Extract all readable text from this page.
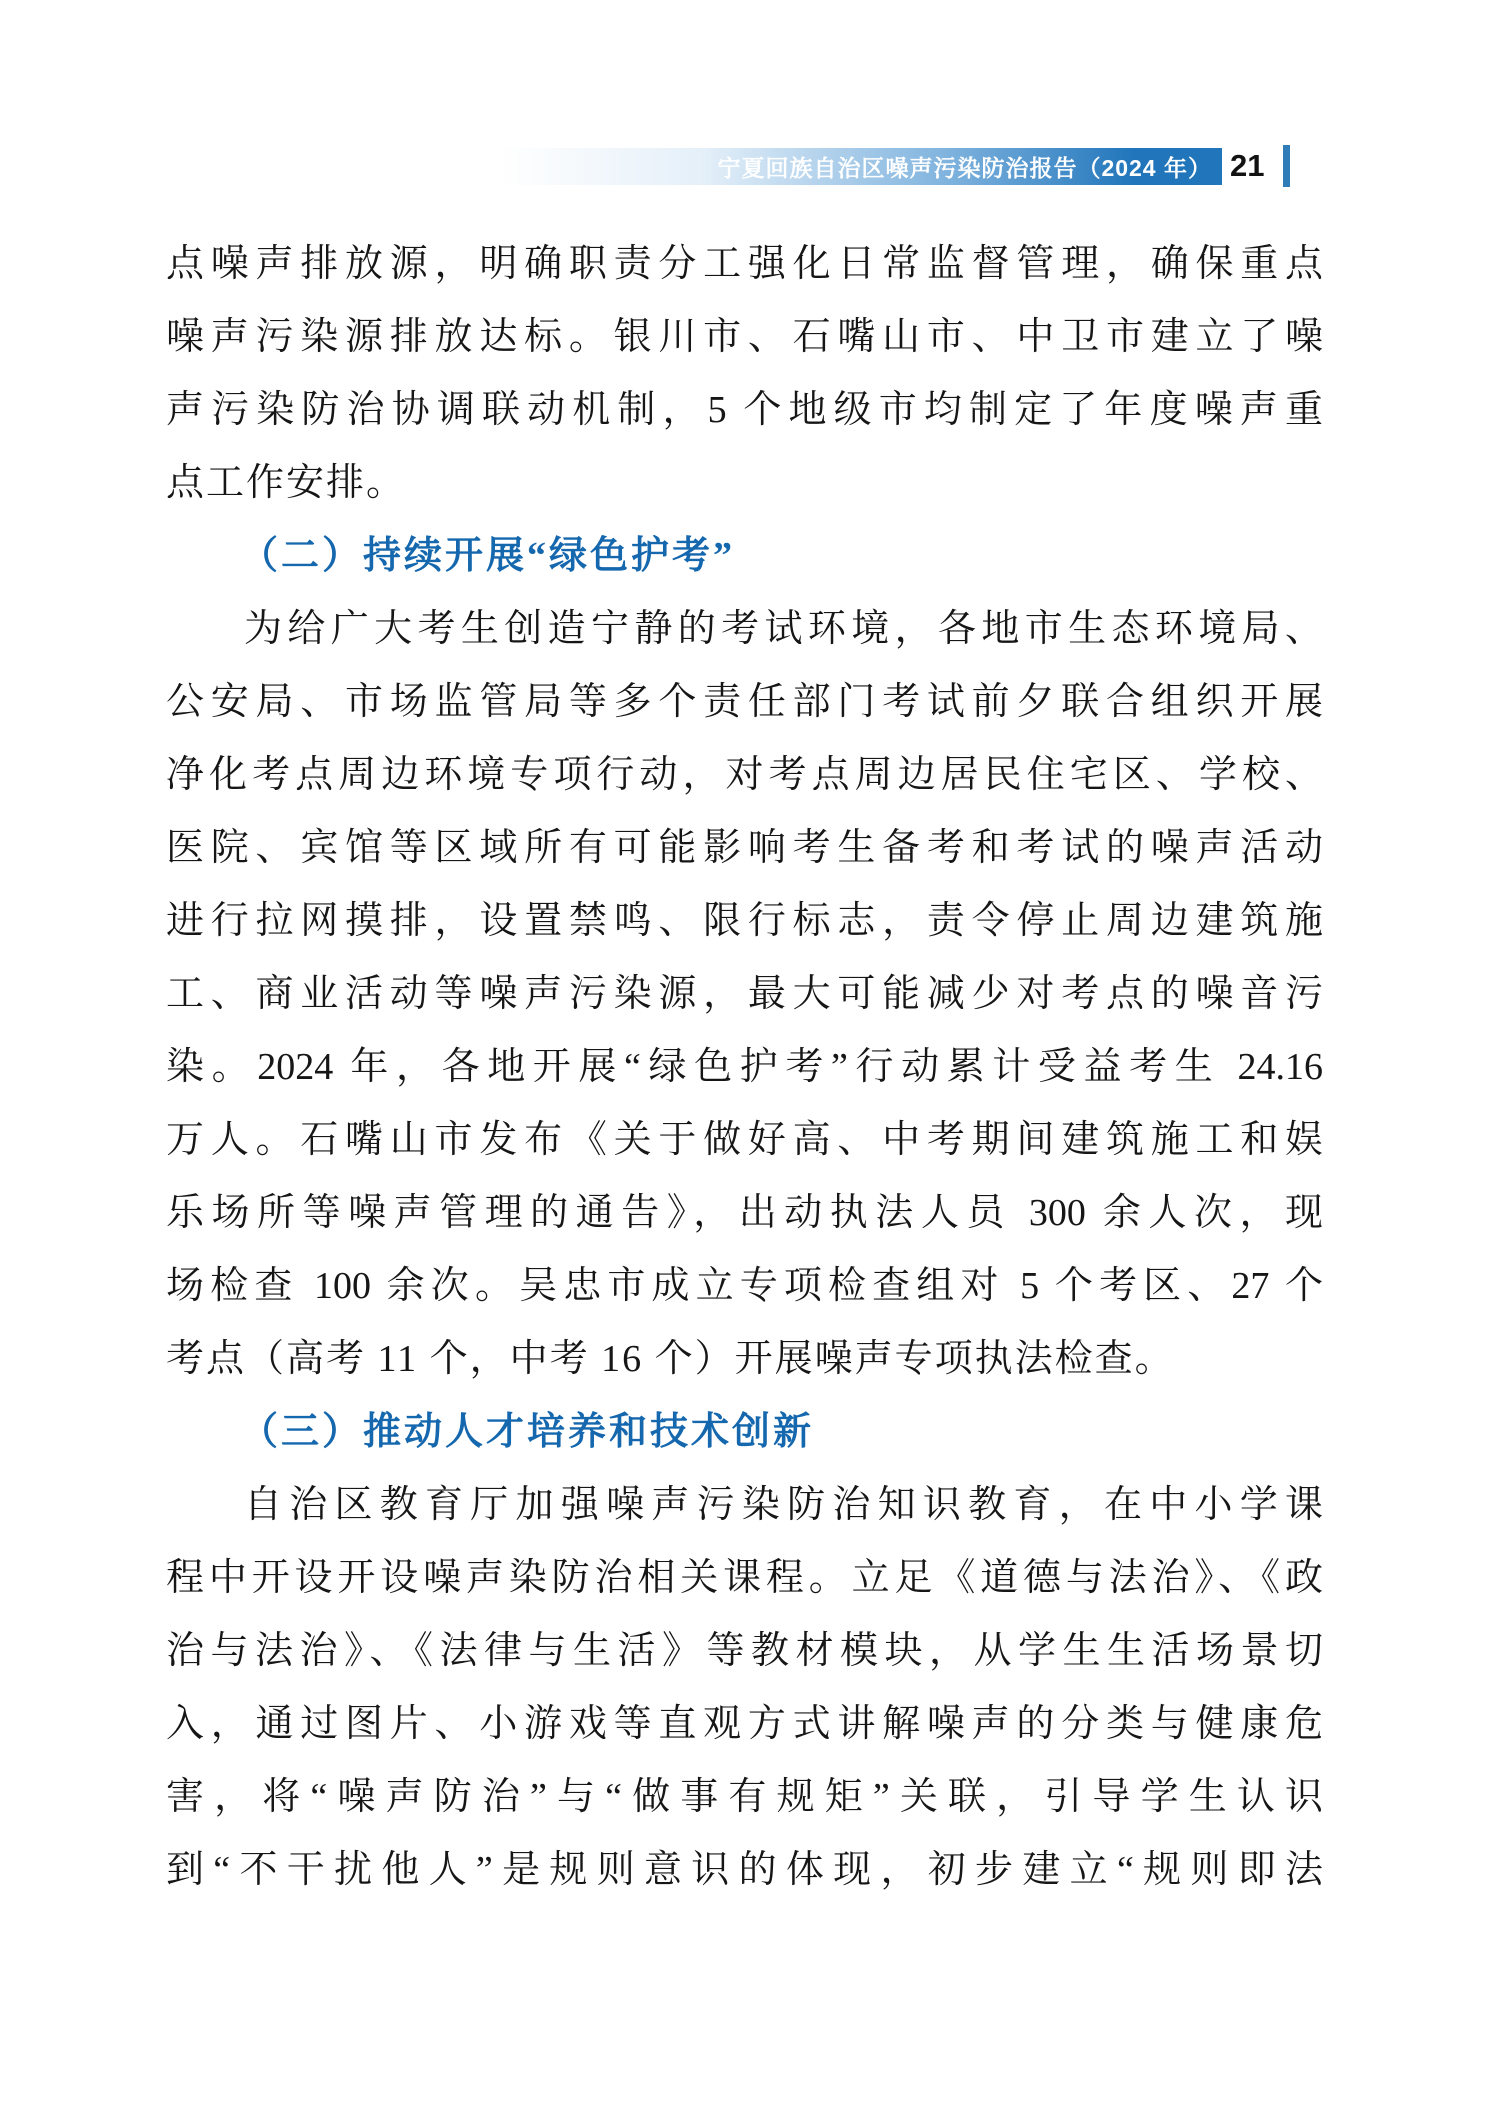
宁夏回族自治区噪声污染防治报告（2024 年） 21
点噪声排放源，明确职责分工强化日常监督管理，确保重点
噪声污染源排放达标。银川市、石嘴山市、中卫市建立了噪
声污染防治协调联动机制，5 个地级市均制定了年度噪声重
点工作安排。
（二）持续开展“绿色护考”
为给广大考生创造宁静的考试环境，各地市生态环境局、
公安局、市场监管局等多个责任部门考试前夕联合组织开展
净化考点周边环境专项行动，对考点周边居民住宅区、学校、
医院、宾馆等区域所有可能影响考生备考和考试的噪声活动
进行拉网摸排，设置禁鸣、限行标志，责令停止周边建筑施
工、商业活动等噪声污染源，最大可能减少对考点的噪音污
染。2024 年，各地开展“绿色护考”行动累计受益考生 24.16
万人。石嘴山市发布《关于做好高、中考期间建筑施工和娱
乐场所等噪声管理的通告》，出动执法人员 300 余人次，现
场检查 100 余次。吴忠市成立专项检查组对 5 个考区、27 个
考点（高考 11 个，中考 16 个）开展噪声专项执法检查。
（三）推动人才培养和技术创新
自治区教育厅加强噪声污染防治知识教育，在中小学课
程中开设开设噪声染防治相关课程。立足《道德与法治》、《政
治与法治》、《法律与生活》等教材模块，从学生生活场景切
入，通过图片、小游戏等直观方式讲解噪声的分类与健康危
害，将“噪声防治”与“做事有规矩”关联，引导学生认识
到“不干扰他人”是规则意识的体现，初步建立“规则即法
